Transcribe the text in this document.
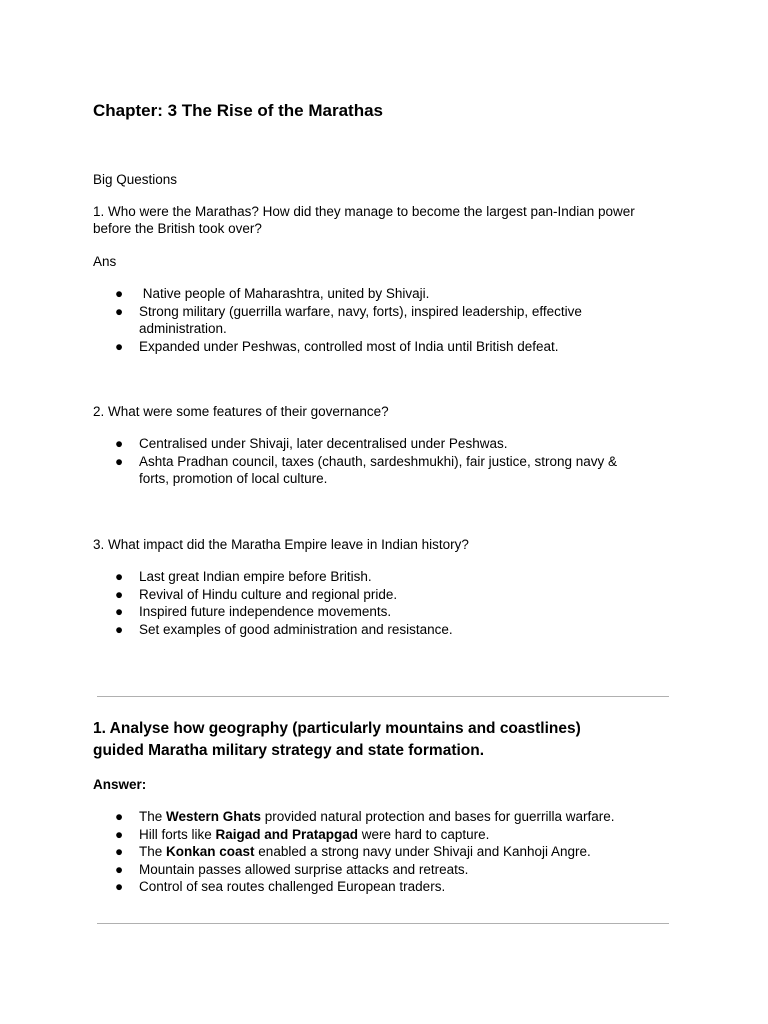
Chapter: 3 The Rise of the Marathas

Big Questions

1. Who were the Marathas? How did they manage to become the largest pan-Indian power

before the British took over?

Ans

● Native people of Maharashtra, united by Shivaji.
● Strong military (guerrilla warfare, navy, forts), inspired leadership, effective
administration.
● Expanded under Peshwas, controlled most of India until British defeat.

2. What were some features of their governance?

● Centralised under Shivaji, later decentralised under Peshwas.
● Ashta Pradhan council, taxes (chauth, sardeshmukhi), fair justice, strong navy &
forts, promotion of local culture.

3. What impact did the Maratha Empire leave in Indian history?

● Last great Indian empire before British.
● Revival of Hindu culture and regional pride.
● Inspired future independence movements.
● Set examples of good administration and resistance.
1. Analyse how geography (particularly mountains and coastlines)
guided Maratha military strategy and state formation.

Answer:

● The Western Ghats provided natural protection and bases for guerrilla warfare.
● Hill forts like Raigad and Pratapgad were hard to capture.
● The Konkan coast enabled a strong navy under Shivaji and Kanhoji Angre.
● Mountain passes allowed surprise attacks and retreats.
● Control of sea routes challenged European traders.
